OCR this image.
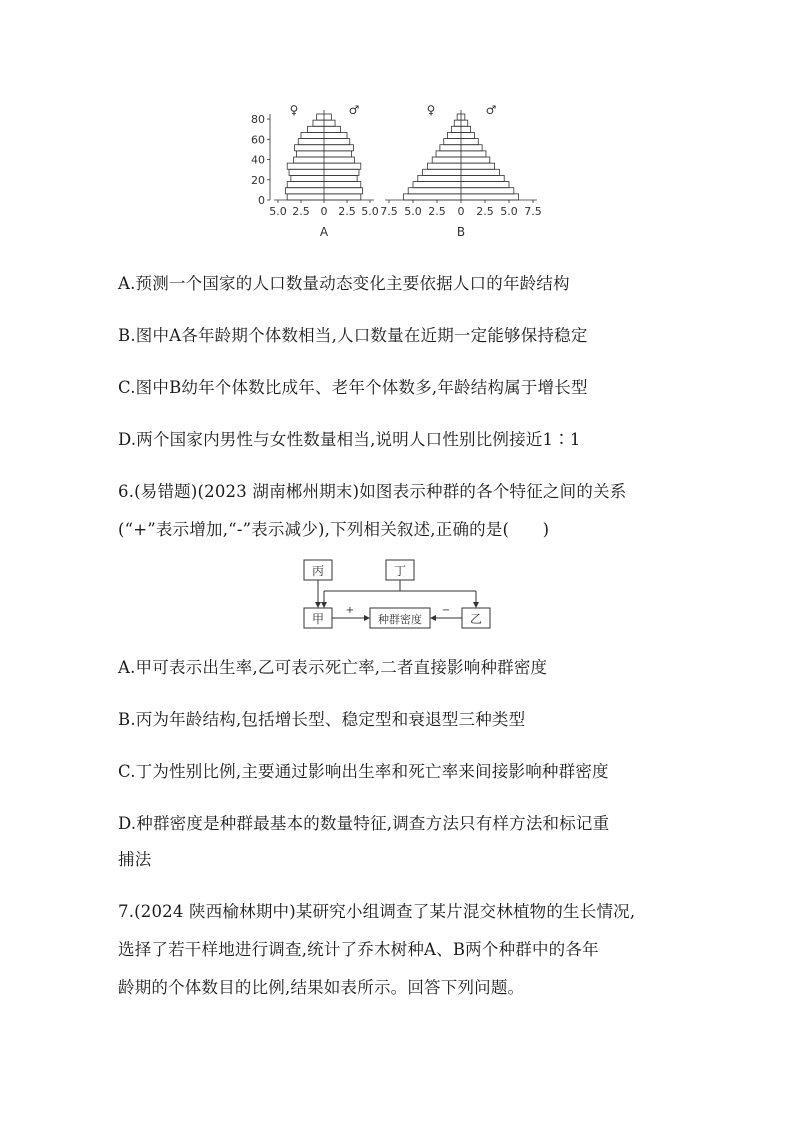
5.0 2.5 0 2.5 5.0
80
60
40
20
0
♀	♂
A
7.5 5.0 2.5 0 2.5 5.0 7.5
♀	♂
B
A.预测一个国家的人口数量动态变化主要依据人口的年龄结构
B.图中A各年龄期个体数相当,人口数量在近期一定能够保持稳定
C.图中B幼年个体数比成年、老年个体数多,年龄结构属于增长型
D.两个国家内男性与女性数量相当,说明人口性别比例接近1∶1
6.(易错题)(2023 湖南郴州期末)如图表示种群的各个特征之间的关系
(“+”表示增加,“-”表示减少),下列相关叙述,正确的是(　　)
丙	丁
甲	种群密度	乙
+	−
A.甲可表示出生率,乙可表示死亡率,二者直接影响种群密度
B.丙为年龄结构,包括增长型、稳定型和衰退型三种类型
C.丁为性别比例,主要通过影响出生率和死亡率来间接影响种群密度
D.种群密度是种群最基本的数量特征,调查方法只有样方法和标记重
捕法
7.(2024 陕西榆林期中)某研究小组调查了某片混交林植物的生长情况,
选择了若干样地进行调查,统计了乔木树种A、B两个种群中的各年
龄期的个体数目的比例,结果如表所示。回答下列问题。
